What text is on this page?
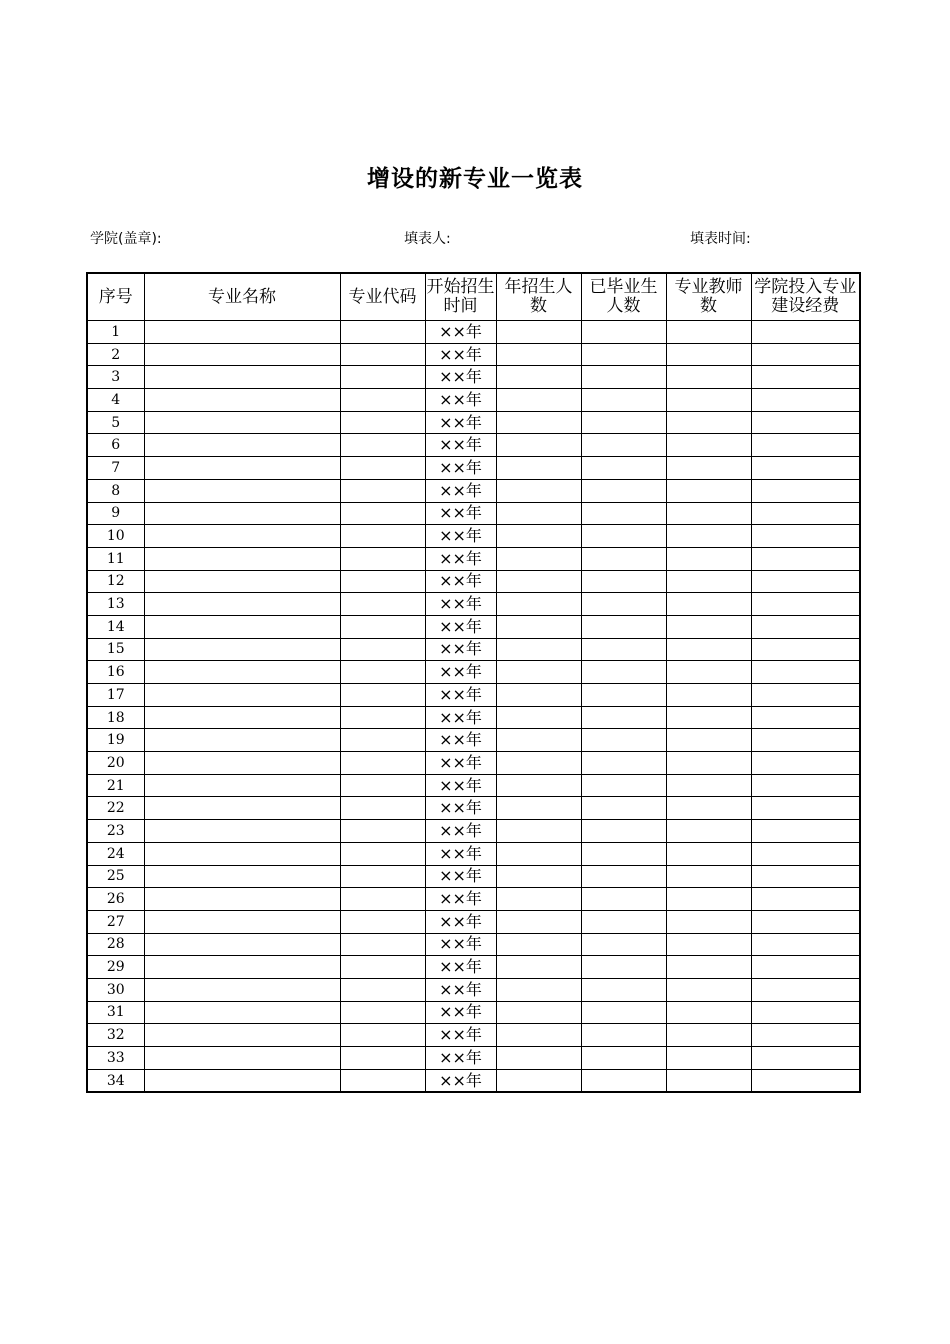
增设的新专业一览表
学院(盖章):	填表人:	填表时间:
序号	专业名称	专业代码	开始招生时间	年招生人数	已毕业生人数	专业教师数	学院投入专业建设经费
1			××年				
2			××年				
3			××年				
4			××年				
5			××年				
6			××年				
7			××年				
8			××年				
9			××年				
10			××年				
11			××年				
12			××年				
13			××年				
14			××年				
15			××年				
16			××年				
17			××年				
18			××年				
19			××年				
20			××年				
21			××年				
22			××年				
23			××年				
24			××年				
25			××年				
26			××年				
27			××年				
28			××年				
29			××年				
30			××年				
31			××年				
32			××年				
33			××年				
34			××年				
